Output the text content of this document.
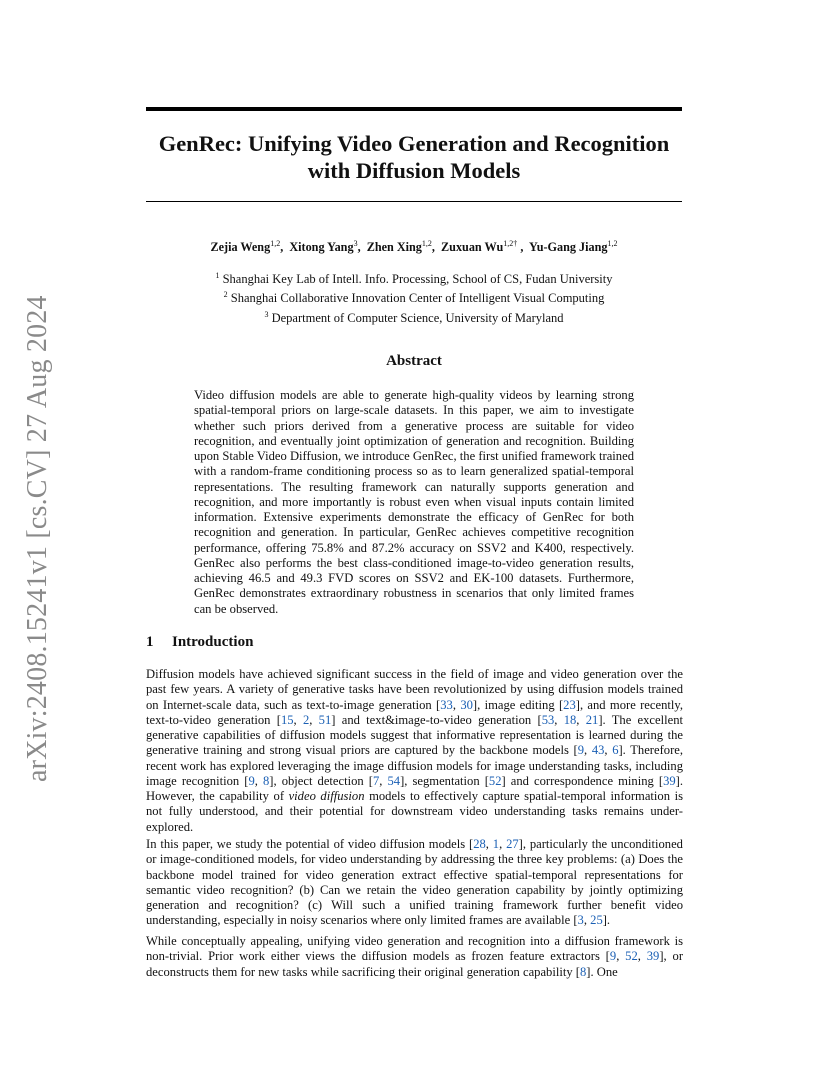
arXiv:2408.15241v1 [cs.CV] 27 Aug 2024
GenRec: Unifying Video Generation and Recognition
with Diffusion Models
Zejia Weng$^{1,2}$,  Xitong Yang$^3$,  Zhen Xing$^{1,2}$,  Zuxuan $Wu^{1,2\dagger}$ ,  Yu-Gang Jiang$^{1,2}$
$^1$ Shanghai Key Lab of Intell. Info. Processing, School of CS, Fudan University
$^2$ Shanghai Collaborative Innovation Center of Intelligent Visual Computing
$^3$ Department of Computer Science, University of Maryland
Abstract
Video diffusion models are able to generate high-quality videos by learning strong spatial-temporal priors on large-scale datasets. In this paper, we aim to investigate whether such priors derived from a generative process are suitable for video recognition, and eventually joint optimization of generation and recognition. Building upon Stable Video Diffusion, we introduce GenRec, the first unified framework trained with a random-frame conditioning process so as to learn generalized spatial-temporal representations. The resulting framework can naturally supports generation and recognition, and more importantly is robust even when visual inputs contain limited information. Extensive experiments demonstrate the efficacy of GenRec for both recognition and generation. In particular, GenRec achieves competitive recognition performance, offering 75.8% and 87.2% accuracy on SSV2 and K400, respectively. GenRec also performs the best class-conditioned image-to-video generation results, achieving 46.5 and 49.3 FVD scores on SSV2 and EK-100 datasets. Furthermore, GenRec demonstrates extraordinary robustness in scenarios that only limited frames can be observed.
1 Introduction
Diffusion models have achieved significant success in the field of image and video generation over the past few years. A variety of generative tasks have been revolutionized by using diffusion models trained on Internet-scale data, such as text-to-image generation [33, 30], image editing [23], and more recently, text-to-video generation [15, 2, 51] and text&image-to-video generation [53, 18, 21]. The excellent generative capabilities of diffusion models suggest that informative representation is learned during the generative training and strong visual priors are captured by the backbone models [9, 43, 6]. Therefore, recent work has explored leveraging the image diffusion models for image understanding tasks, including image recognition [9, 8], object detection [7, 54], segmentation [52] and correspondence mining [39]. However, the capability of video diffusion models to effectively capture spatial-temporal information is not fully understood, and their potential for downstream video understanding tasks remains under-explored.
In this paper, we study the potential of video diffusion models [28, 1, 27], particularly the unconditioned or image-conditioned models, for video understanding by addressing the three key problems: (a) Does the backbone model trained for video generation extract effective spatial-temporal representations for semantic video recognition? (b) Can we retain the video generation capability by jointly optimizing generation and recognition? (c) Will such a unified training framework further benefit video understanding, especially in noisy scenarios where only limited frames are available [3, 25].
While conceptually appealing, unifying video generation and recognition into a diffusion framework is non-trivial. Prior work either views the diffusion models as frozen feature extractors [9, 52, 39], or deconstructs them for new tasks while sacrificing their original generation capability [8]. One
